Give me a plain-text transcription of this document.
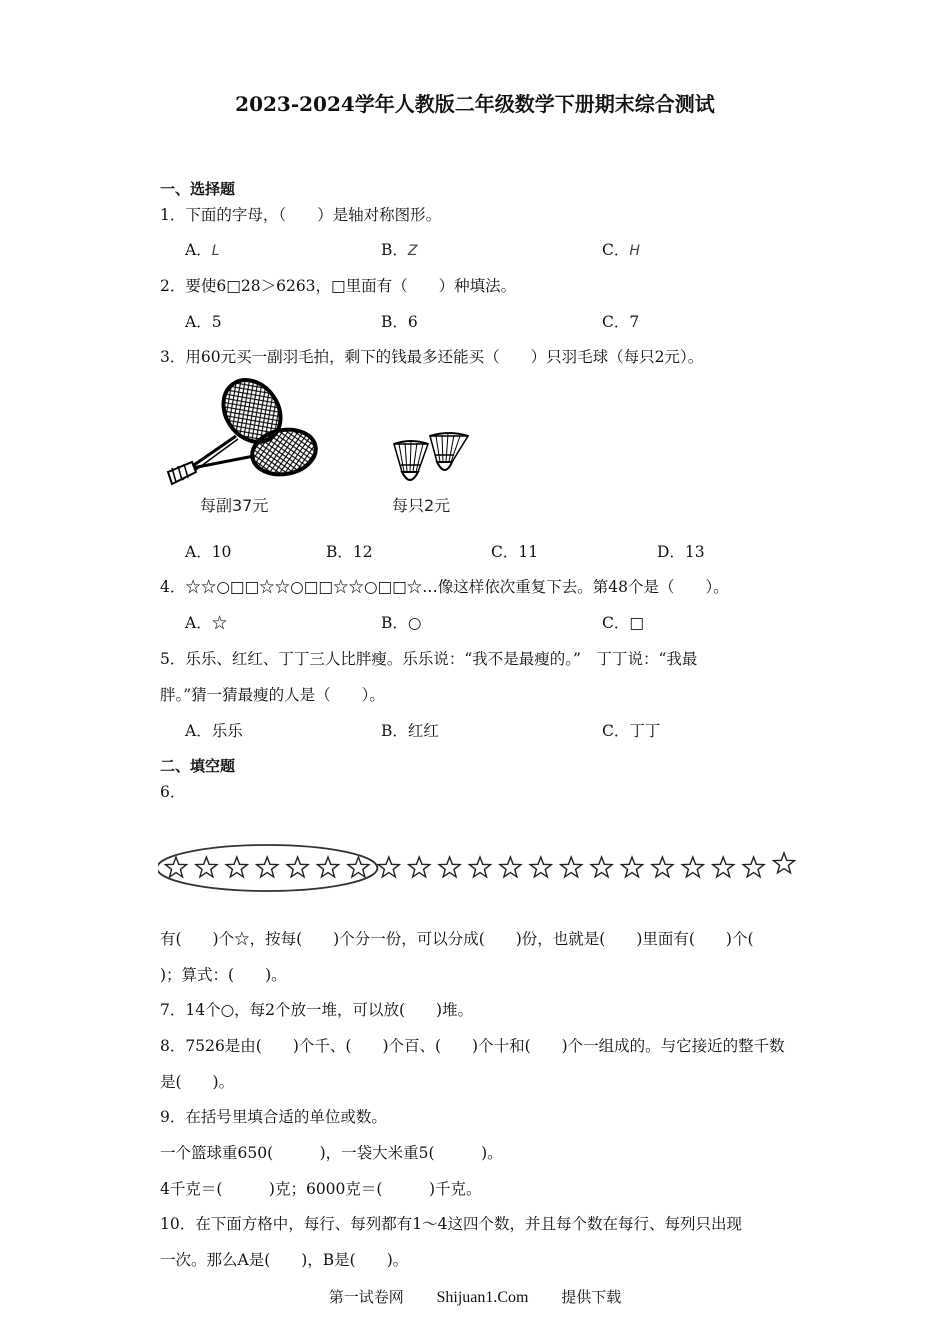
2023-2024学年人教版二年级数学下册期末综合测试
一、选择题
1．下面的字母，（　　）是轴对称图形。
A．L	B．Z	C．H
2．要使6□28＞6263，□里面有（　　）种填法。
A．5	B．6	C．7
3．用60元买一副羽毛拍，剩下的钱最多还能买（　　）只羽毛球（每只2元）。
每副37元	每只2元
A．10	B．12	C．11	D．13
4．☆☆○□□☆☆○□□☆☆○□□☆…像这样依次重复下去。第48个是（　　）。
A．☆	B．○	C．□
5．乐乐、红红、丁丁三人比胖瘦。乐乐说：“我不是最瘦的。”　丁丁说：“我最
胖。”猜一猜最瘦的人是（　　）。
A．乐乐	B．红红	C．丁丁
二、填空题
6．
有(　　)个☆，按每(　　)个分一份，可以分成(　　)份，也就是(　　)里面有(　　)个(
)；算式：(　　)。
7．14个○，每2个放一堆，可以放(　　)堆。
8．7526是由(　　)个千、(　　)个百、(　　)个十和(　　)个一组成的。与它接近的整千数
是(　　)。
9．在括号里填合适的单位或数。
一个篮球重650(　　　)，一袋大米重5(　　　)。
4千克＝(　　　)克；6000克＝(　　　)千克。
10．在下面方格中，每行、每列都有1～4这四个数，并且每个数在每行、每列只出现
一次。那么A是(　　)，B是(　　)。
第一试卷网 Shijuan1.Com 提供下载
